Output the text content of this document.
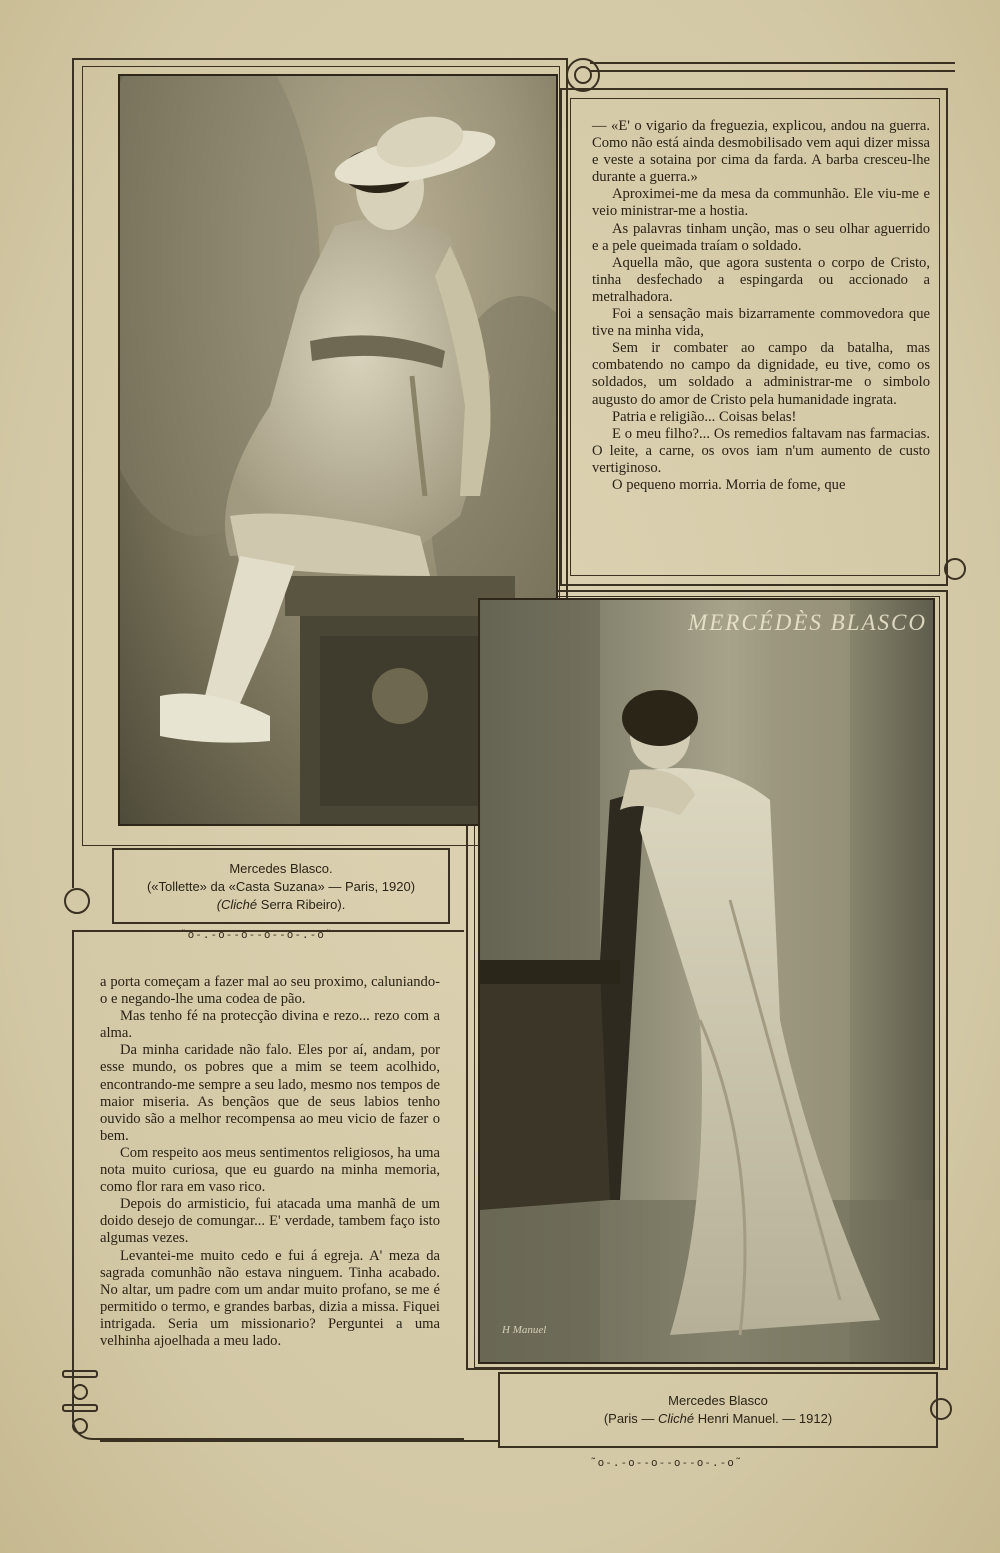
Mercedes Blasco.
(«Tollette» da «Casta Suzana» — Paris, 1920)
(Cliché Serra Ribeiro).
˜o-.-o--o--o--o-.-o˜

— «E' o vigario da freguezia, explicou, andou na guerra. Como não está ainda desmobilisado vem aqui dizer missa e veste a sotaina por cima da farda. A barba cresceu-lhe durante a guerra.»

Aproximei-me da mesa da communhão. Ele viu-me e veio ministrar-me a hostia.

As palavras tinham unção, mas o seu olhar aguerrido e a pele queimada traíam o soldado.

Aquella mão, que agora sustenta o corpo de Cristo, tinha desfechado a espingarda ou accionado a metralhadora.

Foi a sensação mais bizarramente commovedora que tive na minha vida,

Sem ir combater ao campo da batalha, mas combatendo no campo da dignidade, eu tive, como os soldados, um soldado a administrar-me o simbolo augusto do amor de Cristo pela humanidade ingrata.

Patria e religião... Coisas belas!

E o meu filho?... Os remedios faltavam nas farmacias. O leite, a carne, os ovos iam n'um aumento de custo vertiginoso.

O pequeno morria. Morria de fome, que

MERCÉDÈS BLASCO
H Manuel
Mercedes Blasco
(Paris — Cliché Henri Manuel. — 1912)
˜o-.-o--o--o--o-.-o˜

a porta começam a fazer mal ao seu proximo, caluniando-o e negando-lhe uma codea de pão.

Mas tenho fé na protecção divina e rezo... rezo com a alma.

Da minha caridade não falo. Eles por aí, andam, por esse mundo, os pobres que a mim se teem acolhido, encontrando-me sempre a seu lado, mesmo nos tempos de maior miseria. As bençãos que de seus labios tenho ouvido são a melhor recompensa ao meu vicio de fazer o bem.

Com respeito aos meus sentimentos religiosos, ha uma nota muito curiosa, que eu guardo na minha memoria, como flor rara em vaso rico.

Depois do armisticio, fui atacada uma manhã de um doido desejo de comungar... E' verdade, tambem faço isto algumas vezes.

Levantei-me muito cedo e fui á egreja. A' meza da sagrada comunhão não estava ninguem. Tinha acabado. No altar, um padre com um andar muito profano, se me é permitido o termo, e grandes barbas, dizia a missa. Fiquei intrigada. Seria um missionario? Perguntei a uma velhinha ajoelhada a meu lado.
